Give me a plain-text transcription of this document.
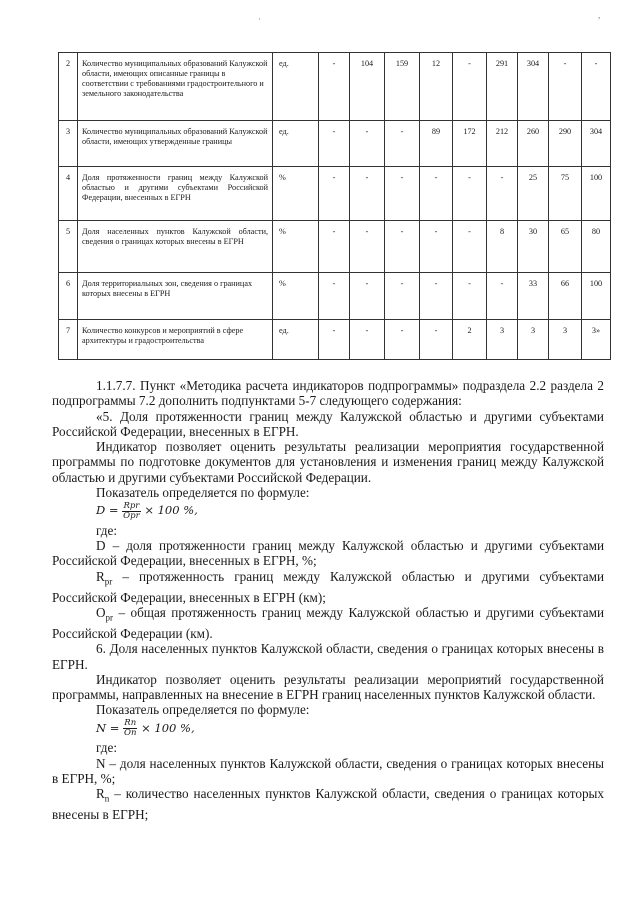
·	,
2	Количество муниципальных образований Калужской области, имеющих описанные границы в соответствии с требованиями градостроительного и земельного законодательства	ед.	-	104	159	12	-	291	304	-	-
3	Количество муниципальных образований Калужской области, имеющих утвержденные границы	ед.	-	-	-	89	172	212	260	290	304
4	Доля протяженности границ между Калужской областью и другими субъектами Российской Федерации, внесенных в ЕГРН	%	-	-	-	-	-	-	25	75	100
5	Доля населенных пунктов Калужской области, сведения о границах которых внесены в ЕГРН	%	-	-	-	-	-	8	30	65	80
6	Доля территориальных зон, сведения о границах которых внесены в ЕГРН	%	-	-	-	-	-	-	33	66	100
7	Количество конкурсов и мероприятий в сфере архитектуры и градостроительства	ед.	-	-	-	-	2	3	3	3	3»

1.1.7.7. Пункт «Методика расчета индикаторов подпрограммы» подраздела 2.2 раздела 2 подпрограммы 7.2 дополнить подпунктами 5-7 следующего содержания:

«5. Доля протяженности границ между Калужской областью и другими субъектами Российской Федерации, внесенных в ЕГРН.

Индикатор позволяет оценить результаты реализации мероприятия государственной программы по подготовке документов для установления и изменения границ между Калужской областью и другими субъектами Российской Федерации.

Показатель определяется по формуле:

$D = \frac{\text{Rpr}}{\text{Opr}} \times 100$ %,

где:

D – доля протяженности границ между Калужской областью и другими субъектами Российской Федерации, внесенных в ЕГРН, %;

$R_{pr}$ – протяженность границ между Калужской областью и другими субъектами Российской Федерации, внесенных в ЕГРН (км);

$O_{pr}$ – общая протяженность границ между Калужской областью и другими субъектами Российской Федерации (км).

6. Доля населенных пунктов Калужской области, сведения о границах которых внесены в ЕГРН.

Индикатор позволяет оценить результаты реализации мероприятий государственной программы, направленных на внесение в ЕГРН границ населенных пунктов Калужской области.

Показатель определяется по формуле:

$N = \frac{Rn}{On} \times 100$ %,

где:

N – доля населенных пунктов Калужской области, сведения о границах которых внесены в ЕГРН, %;

$R_n$ – количество населенных пунктов Калужской области, сведения о границах которых внесены в ЕГРН;
